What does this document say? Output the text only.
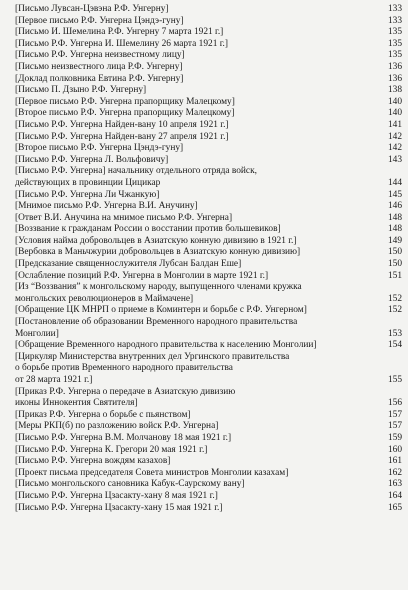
[Письмо Лувсан-Цэвэна Р.Ф. Унгерну]	133
[Первое письмо Р.Ф. Унгерна Цэндэ-гуну]	133
[Письмо И. Шемелина Р.Ф. Унгерну 7 марта 1921 г.]	135
[Письмо Р.Ф. Унгерна И. Шемелину 26 марта 1921 г.]	135
[Письмо Р.Ф. Унгерна неизвестному лицу]	135
[Письмо неизвестного лица Р.Ф. Унгерну]	136
[Доклад полковника Евтина Р.Ф. Унгерну]	136
[Письмо П. Дзыно Р.Ф. Унгерну]	138
[Первое письмо Р.Ф. Унгерна прапорщику Малецкому]	140
[Второе письмо Р.Ф. Унгерна прапорщику Малецкому]	140
[Письмо Р.Ф. Унгерна Найден-вану 10 апреля 1921 г.]	141
[Письмо Р.Ф. Унгерна Найден-вану 27 апреля 1921 г.]	142
[Второе письмо Р.Ф. Унгерна Цэндэ-гуну]	142
[Письмо Р.Ф. Унгерна Л. Вольфовичу]	143
[Письмо Р.Ф. Унгерна] начальнику отдельного отряда войск,
действующих в провинции Цицикар	144
[Письмо Р.Ф. Унгерна Ли Чжанкую]	145
[Мнимое письмо Р.Ф. Унгерна В.И. Анучину]	146
[Ответ В.И. Анучина на мнимое письмо Р.Ф. Унгерна]	148
[Воззвание к гражданам России о восстании против большевиков]	148
[Условия найма добровольцев в Азиатскую конную дивизию в 1921 г.]	149
[Вербовка в Маньчжурии добровольцев в Азиатскую конную дивизию]	150
[Предсказание священнослужителя Лубсан Балдан Еше]	150
[Ослабление позиций Р.Ф. Унгерна в Монголии в марте 1921 г.]	151
[Из “Воззвания” к монгольскому народу, выпущенного членами кружка
монгольских революционеров в Маймачене]	152
[Обращение ЦК МНРП о приеме в Коминтерн и борьбе с Р.Ф. Унгерном]	152
[Постановление об образовании Временного народного правительства
Монголии]	153
[Обращение Временного народного правительства к населению Монголии]	154
[Циркуляр Министерства внутренних дел Ургинского правительства
о борьбе против Временного народного правительства
от 28 марта 1921 г.]	155
[Приказ Р.Ф. Унгерна о передаче в Азиатскую дивизию
иконы Иннокентия Святителя]	156
[Приказ Р.Ф. Унгерна о борьбе с пьянством]	157
[Меры РКП(б) по разложению войск Р.Ф. Унгерна]	157
[Письмо Р.Ф. Унгерна В.М. Молчанову 18 мая 1921 г.]	159
[Письмо Р.Ф. Унгерна К. Грегори 20 мая 1921 г.]	160
[Письмо Р.Ф. Унгерна вождям казахов]	161
[Проект письма председателя Совета министров Монголии казахам]	162
[Письмо монгольского сановника Кабук-Саурскому вану]	163
[Письмо Р.Ф. Унгерна Цзасакту-хану 8 мая 1921 г.]	164
[Письмо Р.Ф. Унгерна Цзасакту-хану 15 мая 1921 г.]	165
